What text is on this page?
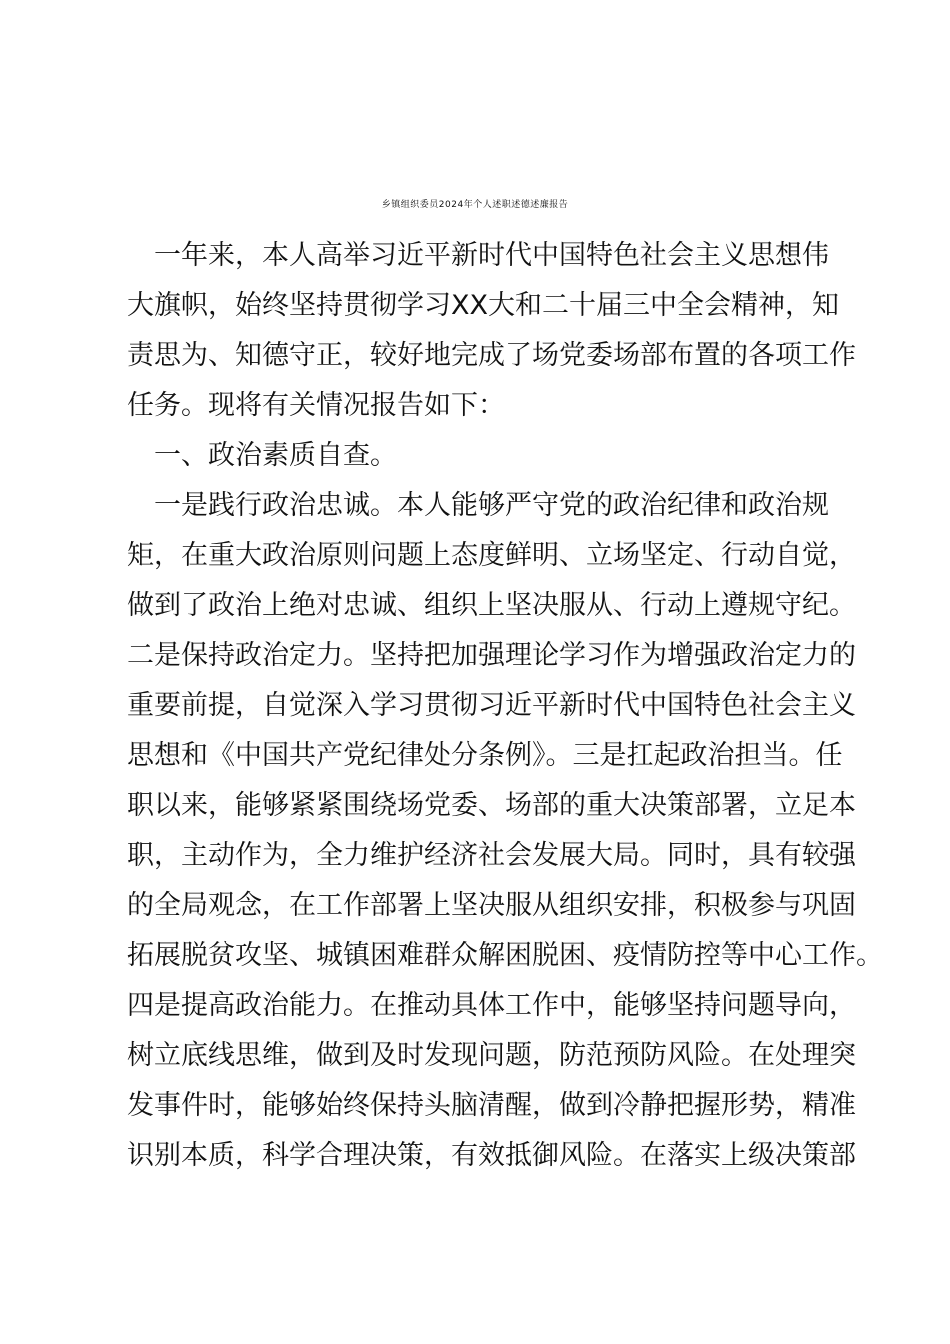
乡镇组织委员2024年个人述职述德述廉报告

　一年来，本人高举习近平新时代中国特色社会主义思想伟

大旗帜，始终坚持贯彻学习XX大和二十届三中全会精神，知

责思为、知德守正，较好地完成了场党委场部布置的各项工作

任务。现将有关情况报告如下：

　一、政治素质自查。

　一是践行政治忠诚。本人能够严守党的政治纪律和政治规

矩，在重大政治原则问题上态度鲜明、立场坚定、行动自觉，

做到了政治上绝对忠诚、组织上坚决服从、行动上遵规守纪。

二是保持政治定力。坚持把加强理论学习作为增强政治定力的

重要前提，自觉深入学习贯彻习近平新时代中国特色社会主义

思想和《中国共产党纪律处分条例》。三是扛起政治担当。任

职以来，能够紧紧围绕场党委、场部的重大决策部署，立足本

职，主动作为，全力维护经济社会发展大局。同时，具有较强

的全局观念，在工作部署上坚决服从组织安排，积极参与巩固

拓展脱贫攻坚、城镇困难群众解困脱困、疫情防控等中心工作。

四是提高政治能力。在推动具体工作中，能够坚持问题导向，

树立底线思维，做到及时发现问题，防范预防风险。在处理突

发事件时，能够始终保持头脑清醒，做到冷静把握形势，精准

识别本质，科学合理决策，有效抵御风险。在落实上级决策部
